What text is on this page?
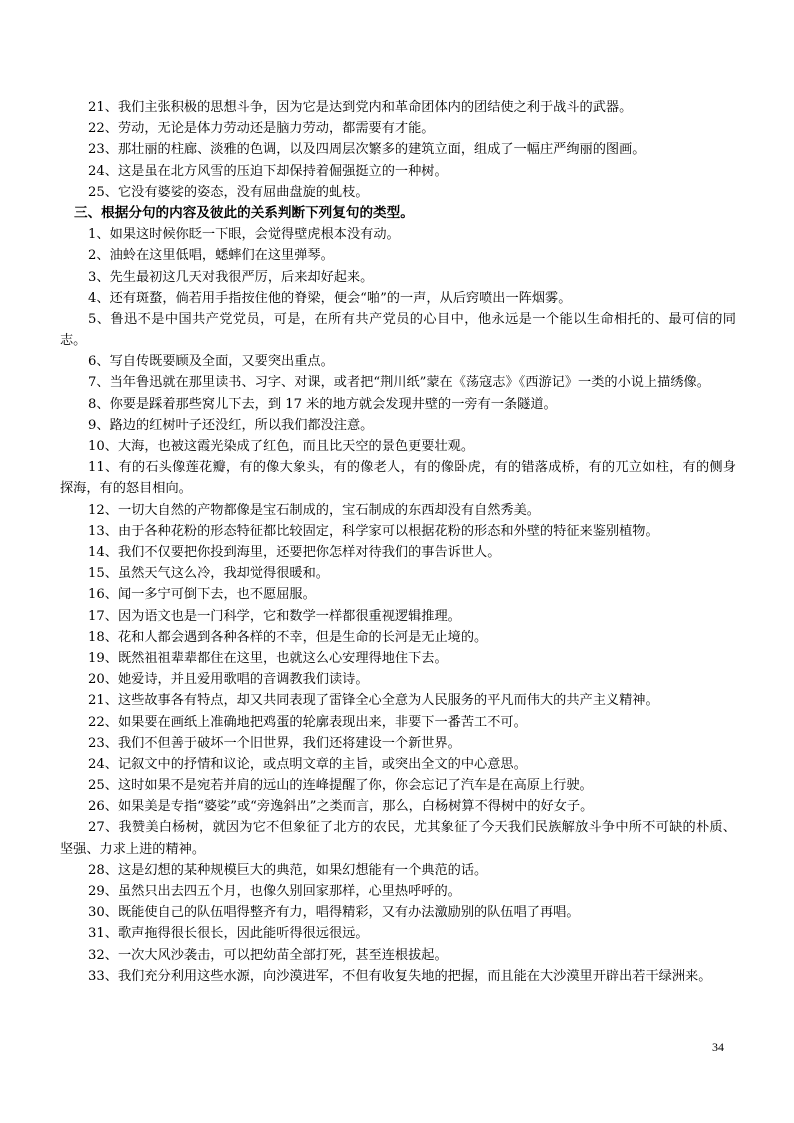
21、我们主张积极的思想斗争，因为它是达到党内和革命团体内的团结使之利于战斗的武器。
22、劳动，无论是体力劳动还是脑力劳动，都需要有才能。
23、那壮丽的柱廊、淡雅的色调，以及四周层次繁多的建筑立面，组成了一幅庄严绚丽的图画。
24、这是虽在北方风雪的压迫下却保持着倔强挺立的一种树。
25、它没有婆娑的姿态，没有屈曲盘旋的虬枝。
三、根据分句的内容及彼此的关系判断下列复句的类型。
1、如果这时候你眨一下眼，会觉得壁虎根本没有动。
2、油蛉在这里低唱，蟋蟀们在这里弹琴。
3、先生最初这几天对我很严厉，后来却好起来。
4、还有斑蝥，倘若用手指按住他的脊梁，便会“啪”的一声，从后窍喷出一阵烟雾。
5、鲁迅不是中国共产党党员，可是，在所有共产党员的心目中，他永远是一个能以生命相托的、最可信的同志。
6、写自传既要顾及全面，又要突出重点。
7、当年鲁迅就在那里读书、习字、对课，或者把“荆川纸”蒙在《荡寇志》《西游记》一类的小说上描绣像。
8、你要是踩着那些窝儿下去，到 17 米的地方就会发现井壁的一旁有一条隧道。
9、路边的红树叶子还没红，所以我们都没注意。
10、大海，也被这霞光染成了红色，而且比天空的景色更要壮观。
11、有的石头像莲花瓣，有的像大象头，有的像老人，有的像卧虎，有的错落成桥，有的兀立如柱，有的侧身探海，有的怒目相向。
12、一切大自然的产物都像是宝石制成的，宝石制成的东西却没有自然秀美。
13、由于各种花粉的形态特征都比较固定，科学家可以根据花粉的形态和外壁的特征来鉴别植物。
14、我们不仅要把你投到海里，还要把你怎样对待我们的事告诉世人。
15、虽然天气这么冷，我却觉得很暖和。
16、闻一多宁可倒下去，也不愿屈服。
17、因为语文也是一门科学，它和数学一样都很重视逻辑推理。
18、花和人都会遇到各种各样的不幸，但是生命的长河是无止境的。
19、既然祖祖辈辈都住在这里，也就这么心安理得地住下去。
20、她爱诗，并且爱用歌唱的音调教我们读诗。
21、这些故事各有特点，却又共同表现了雷锋全心全意为人民服务的平凡而伟大的共产主义精神。
22、如果要在画纸上准确地把鸡蛋的轮廓表现出来，非要下一番苦工不可。
23、我们不但善于破坏一个旧世界，我们还将建设一个新世界。
24、记叙文中的抒情和议论，或点明文章的主旨，或突出全文的中心意思。
25、这时如果不是宛若并肩的远山的连峰提醒了你，你会忘记了汽车是在高原上行驶。
26、如果美是专指“婆娑”或“旁逸斜出”之类而言，那么，白杨树算不得树中的好女子。
27、我赞美白杨树，就因为它不但象征了北方的农民，尤其象征了今天我们民族解放斗争中所不可缺的朴质、坚强、力求上进的精神。
28、这是幻想的某种规模巨大的典范，如果幻想能有一个典范的话。
29、虽然只出去四五个月，也像久别回家那样，心里热呼呼的。
30、既能使自己的队伍唱得整齐有力，唱得精彩，又有办法激励别的队伍唱了再唱。
31、歌声拖得很长很长，因此能听得很远很远。
32、一次大风沙袭击，可以把幼苗全部打死，甚至连根拔起。
33、我们充分利用这些水源，向沙漠进军，不但有收复失地的把握，而且能在大沙漠里开辟出若干绿洲来。
34
